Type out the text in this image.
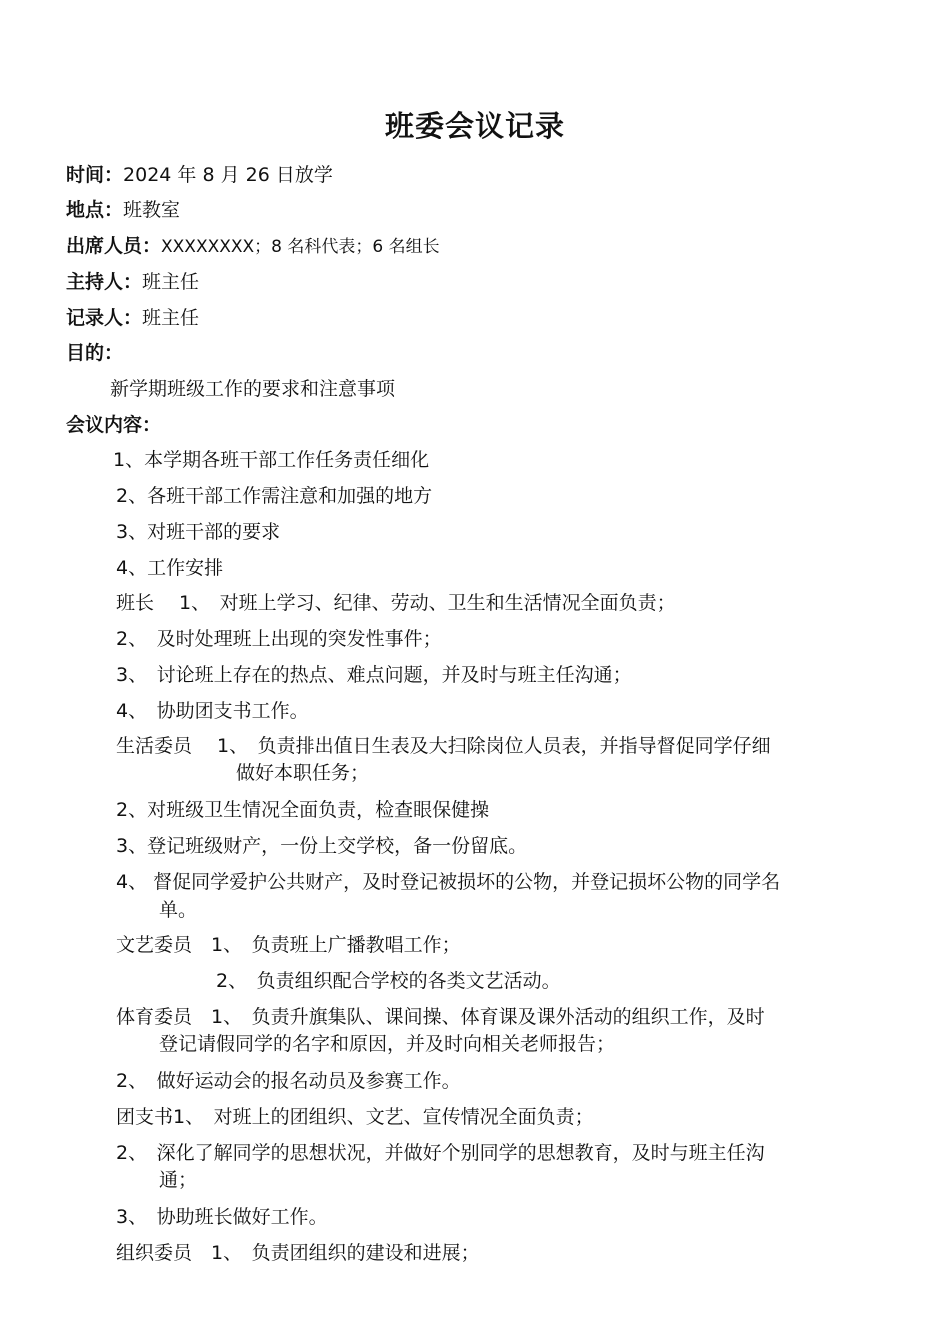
班委会议记录
时间：2024 年 8 月 26 日放学
地点：班教室
出席人员：XXXXXXXX；8 名科代表；6 名组长
主持人：班主任
记录人：班主任
目的：
新学期班级工作的要求和注意事项
会议内容：
1、本学期各班干部工作任务责任细化
2、各班干部工作需注意和加强的地方
3、对班干部的要求
4、工作安排
班长　 1、　对班上学习、纪律、劳动、卫生和生活情况全面负责；
2、　及时处理班上出现的突发性事件；
3、　讨论班上存在的热点、难点问题，并及时与班主任沟通；
4、　协助团支书工作。
生活委员　 1、　负责排出值日生表及大扫除岗位人员表，并指导督促同学仔细
做好本职任务；
2、对班级卫生情况全面负责，检查眼保健操
3、登记班级财产，一份上交学校，备一份留底。
4、 督促同学爱护公共财产，及时登记被损坏的公物，并登记损坏公物的同学名
单。
文艺委员　1、　负责班上广播教唱工作；
2、　负责组织配合学校的各类文艺活动。
体育委员　1、　负责升旗集队、课间操、体育课及课外活动的组织工作，及时
登记请假同学的名字和原因，并及时向相关老师报告；
2、　做好运动会的报名动员及参赛工作。
团支书1、　对班上的团组织、文艺、宣传情况全面负责；
2、　深化了解同学的思想状况，并做好个别同学的思想教育，及时与班主任沟
通；
3、　协助班长做好工作。
组织委员　1、　负责团组织的建设和进展；
